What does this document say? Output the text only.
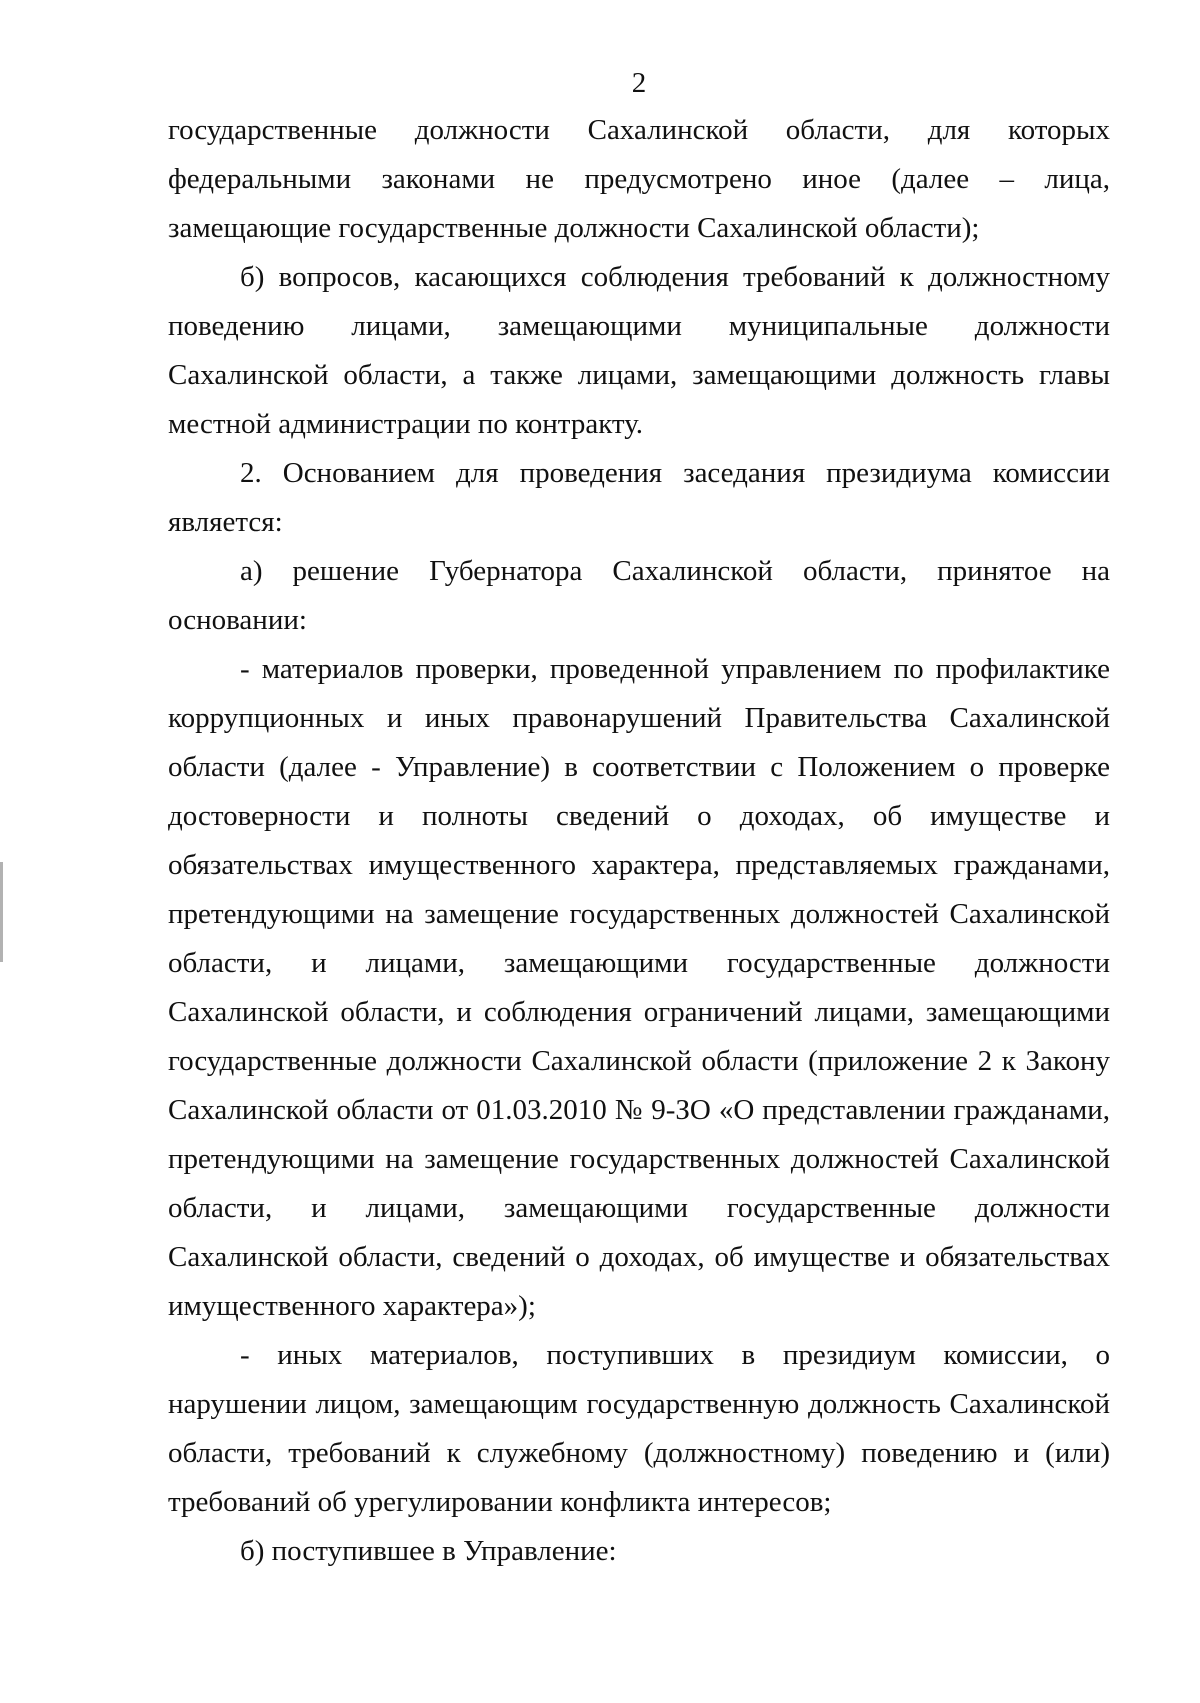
2

государственные должности Сахалинской области, для которых федеральными законами не предусмотрено иное (далее – лица, замещающие государственные должности Сахалинской области);

б) вопросов, касающихся соблюдения требований к должностному поведению лицами, замещающими муниципальные должности Сахалинской области, а также лицами, замещающими должность главы местной администрации по контракту.

2. Основанием для проведения заседания президиума комиссии является:

а) решение Губернатора Сахалинской области, принятое на основании:

- материалов проверки, проведенной управлением по профилактике коррупционных и иных правонарушений Правительства Сахалинской области (далее - Управление) в соответствии с Положением о проверке достоверности и полноты сведений о доходах, об имуществе и обязательствах имущественного характера, представляемых гражданами, претендующими на замещение государственных должностей Сахалинской области, и лицами, замещающими государственные должности Сахалинской области, и соблюдения ограничений лицами, замещающими государственные должности Сахалинской области (приложение 2 к Закону Сахалинской области от 01.03.2010 № 9-ЗО «О представлении гражданами, претендующими на замещение государственных должностей Сахалинской области, и лицами, замещающими государственные должности Сахалинской области, сведений о доходах, об имуществе и обязательствах имущественного характера»);

- иных материалов, поступивших в президиум комиссии, о нарушении лицом, замещающим государственную должность Сахалинской области, требований к служебному (должностному) поведению и (или) требований об урегулировании конфликта интересов;

б) поступившее в Управление:
